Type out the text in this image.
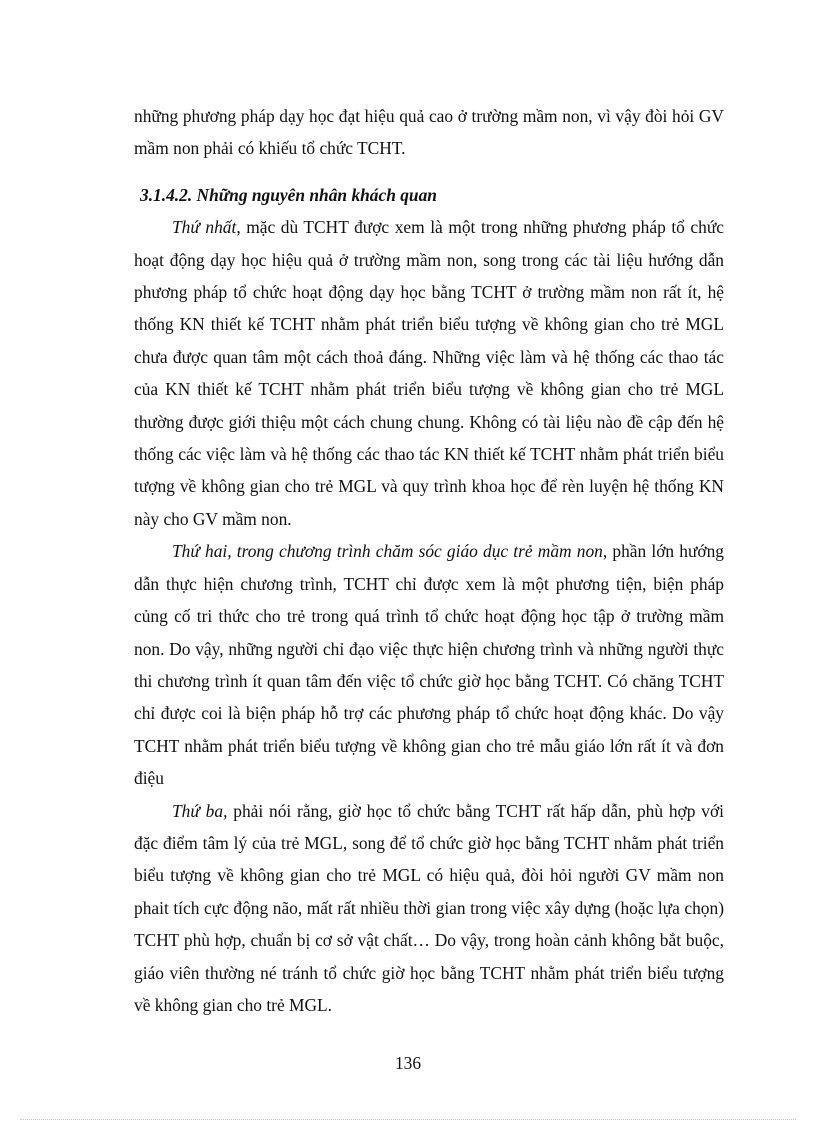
những phương pháp dạy học đạt hiệu quả cao ở trường mầm non, vì vậy đòi hỏi GV mầm non phải có khiếu tổ chức TCHT.

3.1.4.2. Những nguyên nhân khách quan

Thứ nhất, mặc dù TCHT được xem là một trong những phương pháp tổ chức hoạt động dạy học hiệu quả ở trường mầm non, song trong các tài liệu hướng dẫn phương pháp tổ chức hoạt động dạy học bằng TCHT ở trường mầm non rất ít, hệ thống KN thiết kế TCHT nhằm phát triển biểu tượng về không gian cho trẻ MGL chưa được quan tâm một cách thoả đáng. Những việc làm và hệ thống các thao tác của KN thiết kế TCHT nhằm phát triển biểu tượng về không gian cho trẻ MGL thường được giới thiệu một cách chung chung. Không có tài liệu nào đề cập đến hệ thống các việc làm và hệ thống các thao tác KN thiết kế TCHT nhằm phát triển biểu tượng về không gian cho trẻ MGL và quy trình khoa học để rèn luyện hệ thống KN này cho GV mầm non.

Thứ hai, trong chương trình chăm sóc giáo dục trẻ mầm non, phần lớn hướng dẫn thực hiện chương trình, TCHT chỉ được xem là một phương tiện, biện pháp củng cố tri thức cho trẻ trong quá trình tổ chức hoạt động học tập ở trường mầm non. Do vậy, những người chỉ đạo việc thực hiện chương trình và những người thực thi chương trình ít quan tâm đến việc tổ chức giờ học bằng TCHT. Có chăng TCHT chỉ được coi là biện pháp hỗ trợ các phương pháp tổ chức hoạt động khác. Do vậy TCHT nhằm phát triển biểu tượng về không gian cho trẻ mẫu giáo lớn rất ít và đơn điệu

Thứ ba, phải nói rằng, giờ học tổ chức bằng TCHT rất hấp dẫn, phù hợp với đặc điểm tâm lý của trẻ MGL, song để tổ chức giờ học bằng TCHT nhằm phát triển biểu tượng về không gian cho trẻ MGL có hiệu quả, đòi hỏi người GV mầm non phait tích cực động não, mất rất nhiều thời gian trong việc xây dựng (hoặc lựa chọn) TCHT phù hợp, chuẩn bị cơ sở vật chất… Do vậy, trong hoàn cảnh không bắt buộc, giáo viên thường né tránh tổ chức giờ học bằng TCHT nhằm phát triển biểu tượng về không gian cho trẻ MGL.

136
